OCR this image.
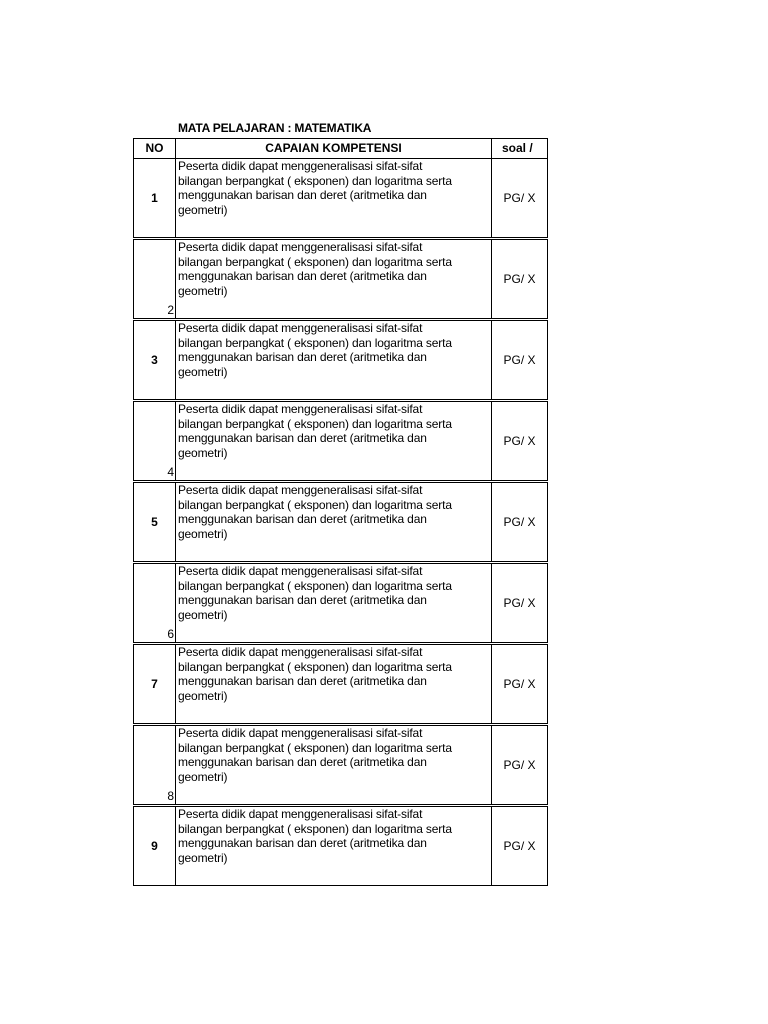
MATA PELAJARAN : MATEMATIKA
NO	CAPAIAN KOMPETENSI	soal /
1	Peserta didik dapat menggeneralisasi sifat-sifat
bilangan berpangkat ( eksponen) dan logaritma serta
menggunakan barisan dan deret (aritmetika dan
geometri)	PG/ X
2	Peserta didik dapat menggeneralisasi sifat-sifat
bilangan berpangkat ( eksponen) dan logaritma serta
menggunakan barisan dan deret (aritmetika dan
geometri)	PG/ X
3	Peserta didik dapat menggeneralisasi sifat-sifat
bilangan berpangkat ( eksponen) dan logaritma serta
menggunakan barisan dan deret (aritmetika dan
geometri)	PG/ X
4	Peserta didik dapat menggeneralisasi sifat-sifat
bilangan berpangkat ( eksponen) dan logaritma serta
menggunakan barisan dan deret (aritmetika dan
geometri)	PG/ X
5	Peserta didik dapat menggeneralisasi sifat-sifat
bilangan berpangkat ( eksponen) dan logaritma serta
menggunakan barisan dan deret (aritmetika dan
geometri)	PG/ X
6	Peserta didik dapat menggeneralisasi sifat-sifat
bilangan berpangkat ( eksponen) dan logaritma serta
menggunakan barisan dan deret (aritmetika dan
geometri)	PG/ X
7	Peserta didik dapat menggeneralisasi sifat-sifat
bilangan berpangkat ( eksponen) dan logaritma serta
menggunakan barisan dan deret (aritmetika dan
geometri)	PG/ X
8	Peserta didik dapat menggeneralisasi sifat-sifat
bilangan berpangkat ( eksponen) dan logaritma serta
menggunakan barisan dan deret (aritmetika dan
geometri)	PG/ X
9	Peserta didik dapat menggeneralisasi sifat-sifat
bilangan berpangkat ( eksponen) dan logaritma serta
menggunakan barisan dan deret (aritmetika dan
geometri)	PG/ X
